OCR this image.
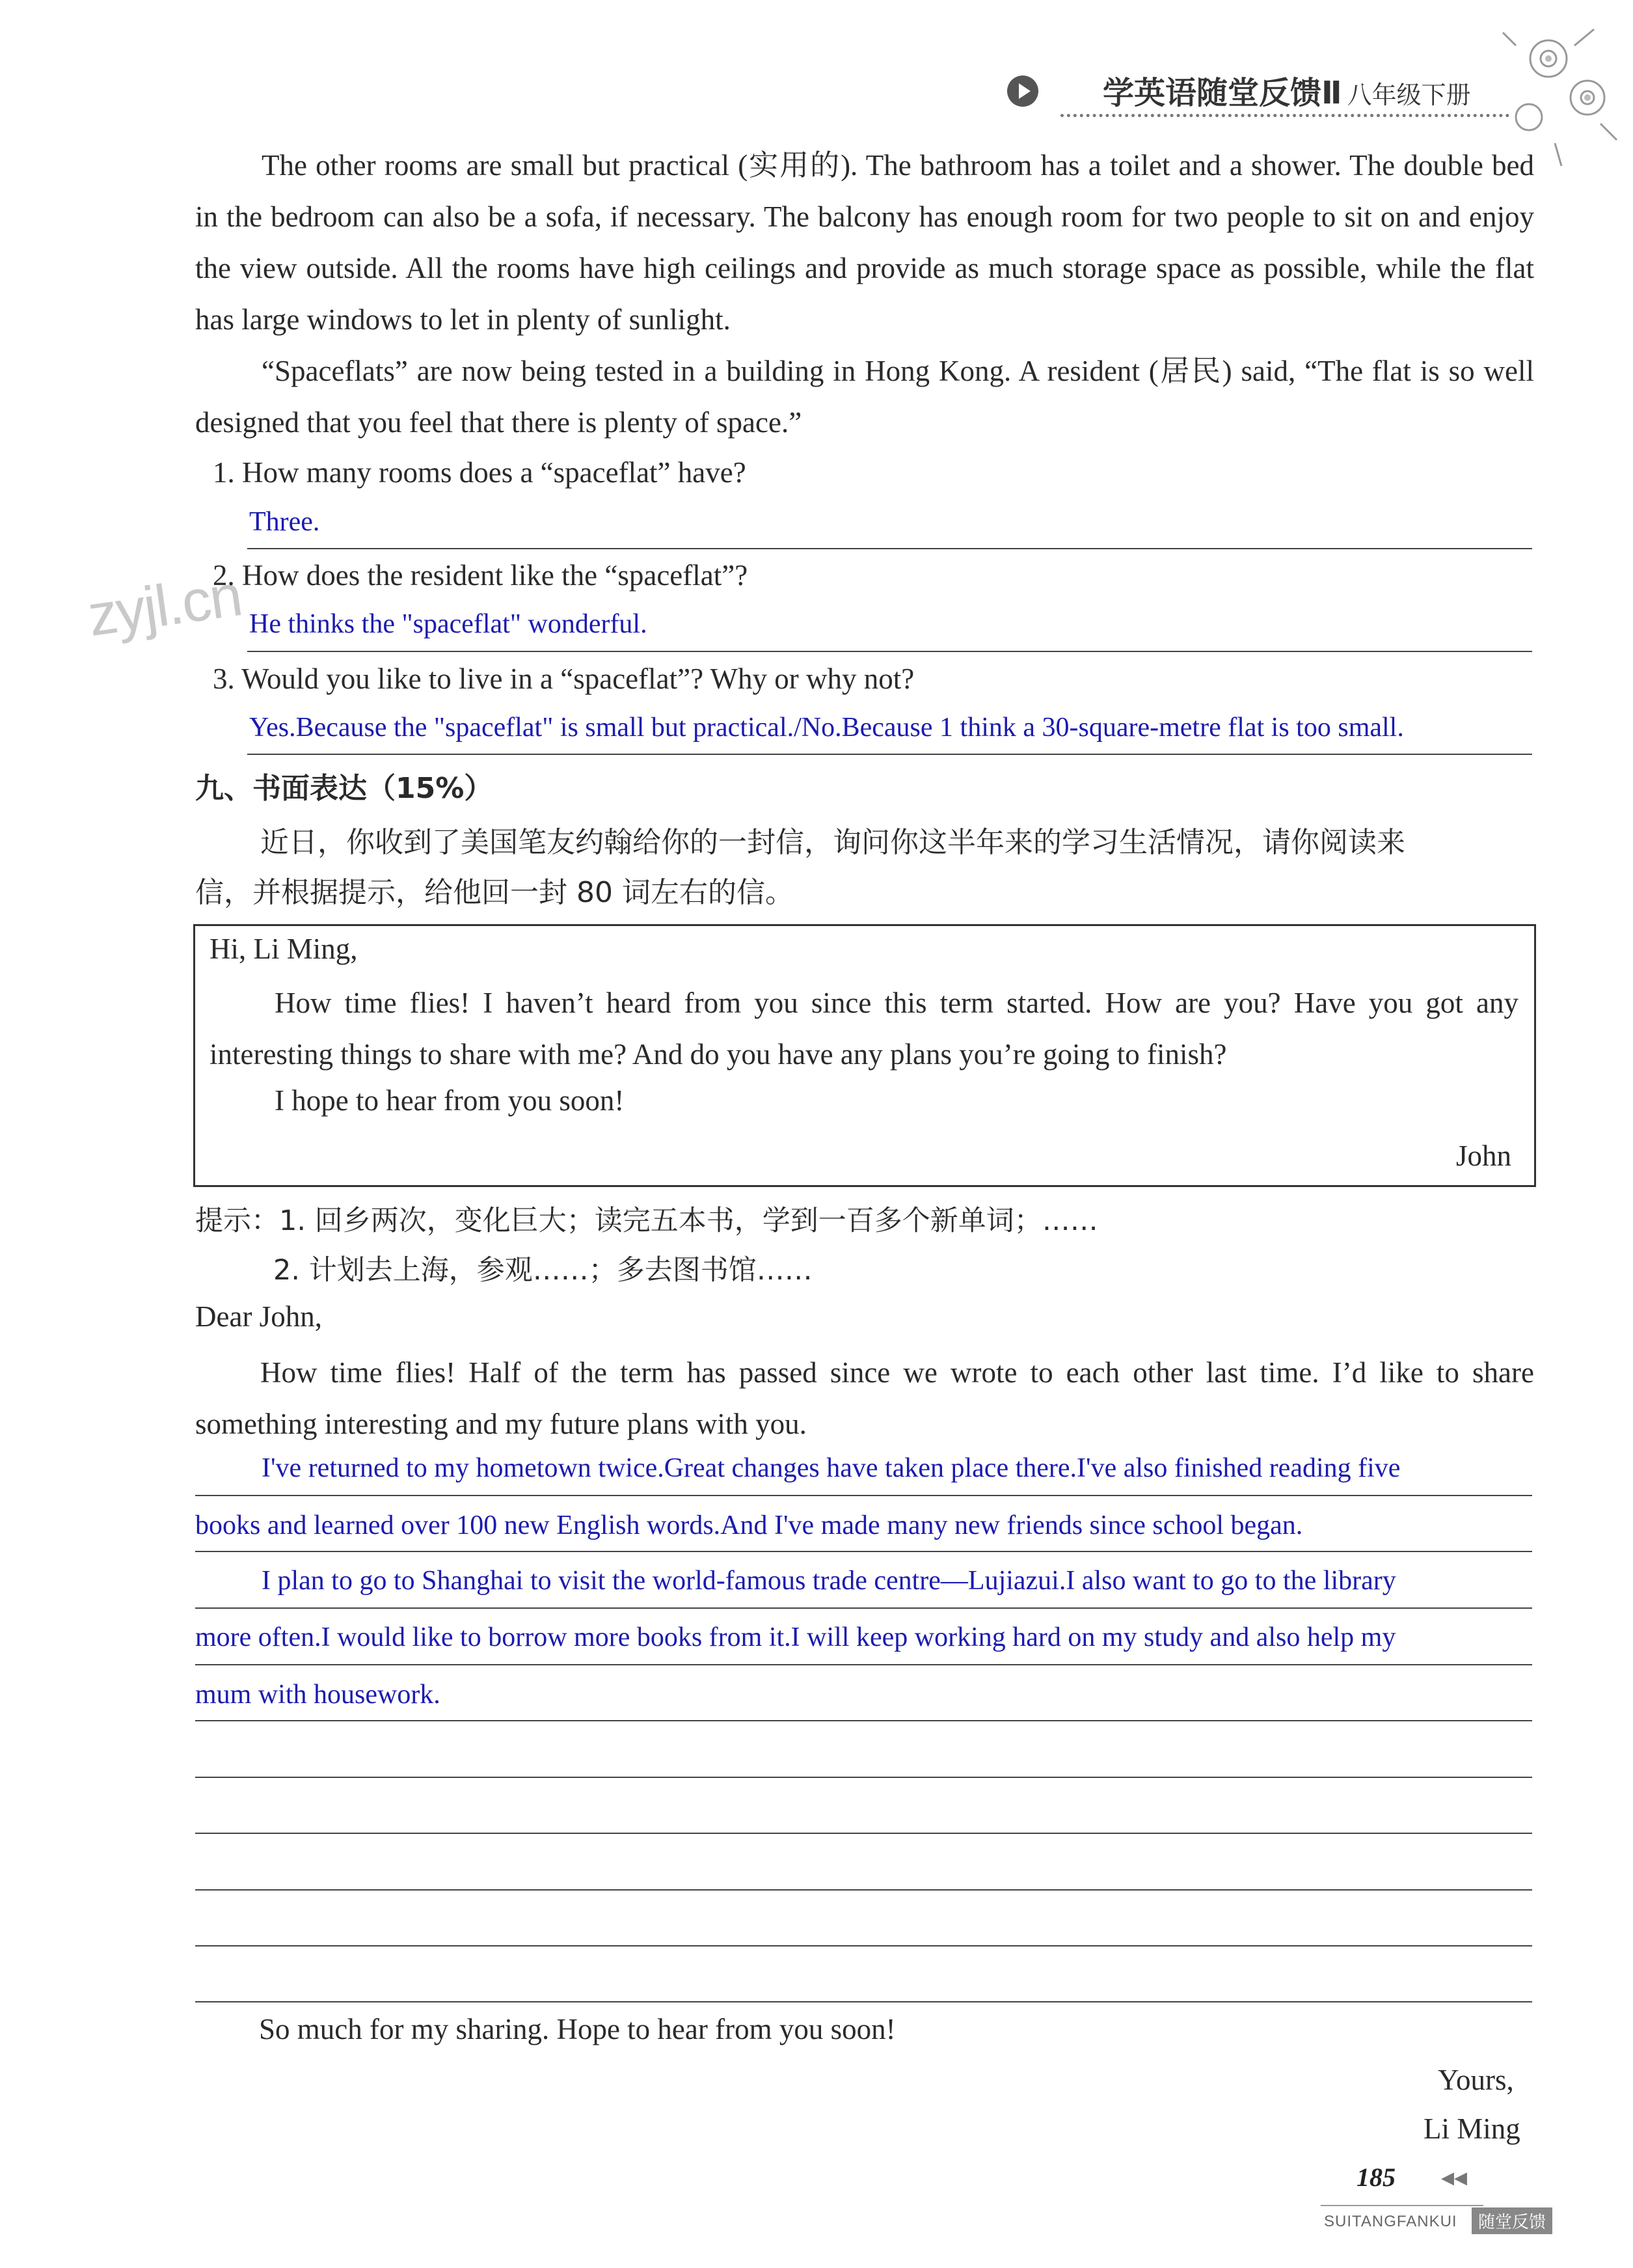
学英语随堂反馈Ⅱ 八年级下册
zyjl.cn
The other rooms are small but practical (实用的). The bathroom has a toilet and a shower. The double bed in the bedroom can also be a sofa, if necessary. The balcony has enough room for two people to sit on and enjoy the view outside. All the rooms have high ceilings and provide as much storage space as possible, while the flat has large windows to let in plenty of sunlight.
“Spaceflats” are now being tested in a building in Hong Kong. A resident (居民) said, “The flat is so well designed that you feel that there is plenty of space.”
1. How many rooms does a “spaceflat” have?
Three.
2. How does the resident like the “spaceflat”?
He thinks the "spaceflat" wonderful.
3. Would you like to live in a “spaceflat”? Why or why not?
Yes.Because the "spaceflat" is small but practical./No.Because 1 think a 30-square-metre flat is too small.
九、书面表达（15%）
近日，你收到了美国笔友约翰给你的一封信，询问你这半年来的学习生活情况，请你阅读来
信，并根据提示，给他回一封 80 词左右的信。
Hi, Li Ming,
How time flies! I haven’t heard from you since this term started. How are you? Have you got any interesting things to share with me? And do you have any plans you’re going to finish?
I hope to hear from you soon!
John
提示：1. 回乡两次，变化巨大；读完五本书，学到一百多个新单词；……
2. 计划去上海，参观……；多去图书馆……
Dear John,
How time flies! Half of the term has passed since we wrote to each other last time. I’d like to share something interesting and my future plans with you.
I've returned to my hometown twice.Great changes have taken place there.I've also finished reading five
books and learned over 100 new English words.And I've made many new friends since school began.
I plan to go to Shanghai to visit the world-famous trade centre—Lujiazui.I also want to go to the library
more often.I would like to borrow more books from it.I will keep working hard on my study and also help my
mum with housework.
So much for my sharing. Hope to hear from you soon!
Yours,
Li Ming
185	◀◀
SUITANGFANKUI	随堂反馈
